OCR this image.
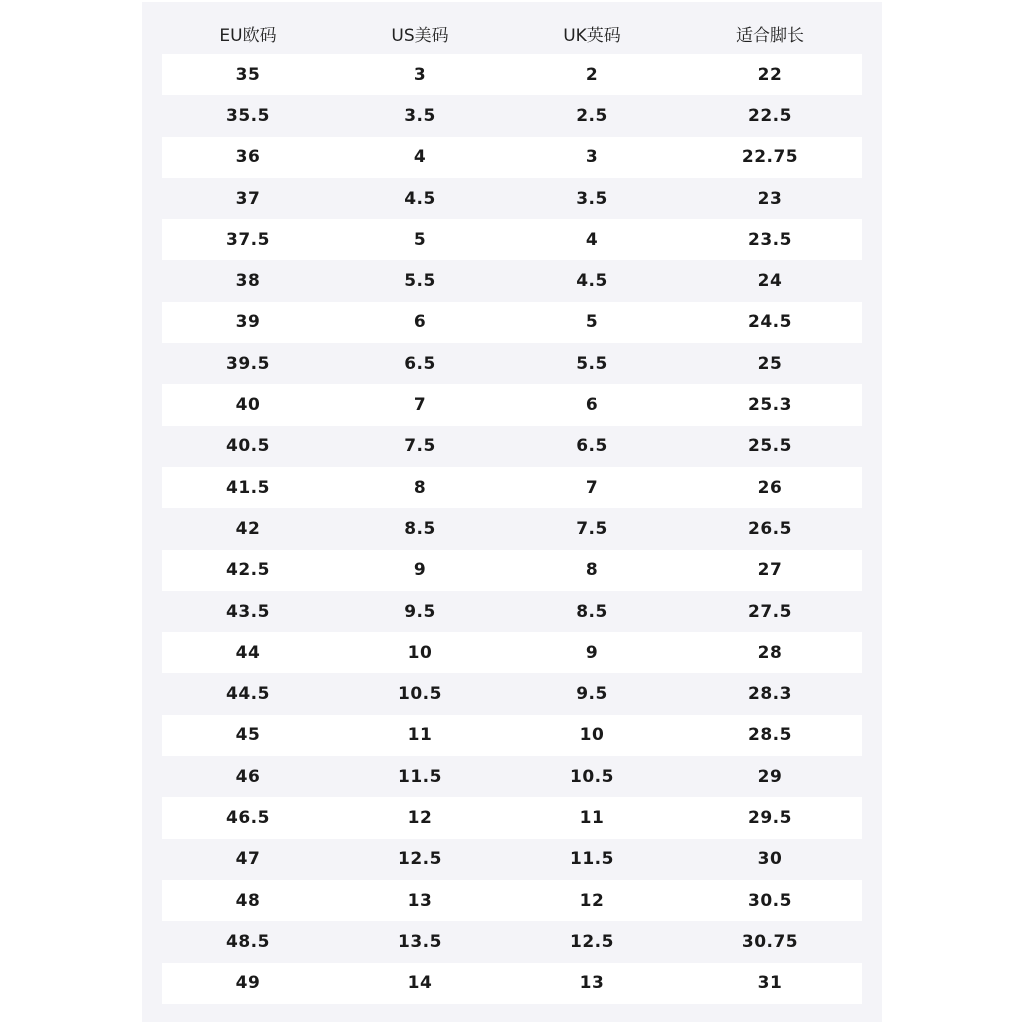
EU欧码	US美码	UK英码	适合脚长
35	3	2	22
35.5	3.5	2.5	22.5
36	4	3	22.75
37	4.5	3.5	23
37.5	5	4	23.5
38	5.5	4.5	24
39	6	5	24.5
39.5	6.5	5.5	25
40	7	6	25.3
40.5	7.5	6.5	25.5
41.5	8	7	26
42	8.5	7.5	26.5
42.5	9	8	27
43.5	9.5	8.5	27.5
44	10	9	28
44.5	10.5	9.5	28.3
45	11	10	28.5
46	11.5	10.5	29
46.5	12	11	29.5
47	12.5	11.5	30
48	13	12	30.5
48.5	13.5	12.5	30.75
49	14	13	31
